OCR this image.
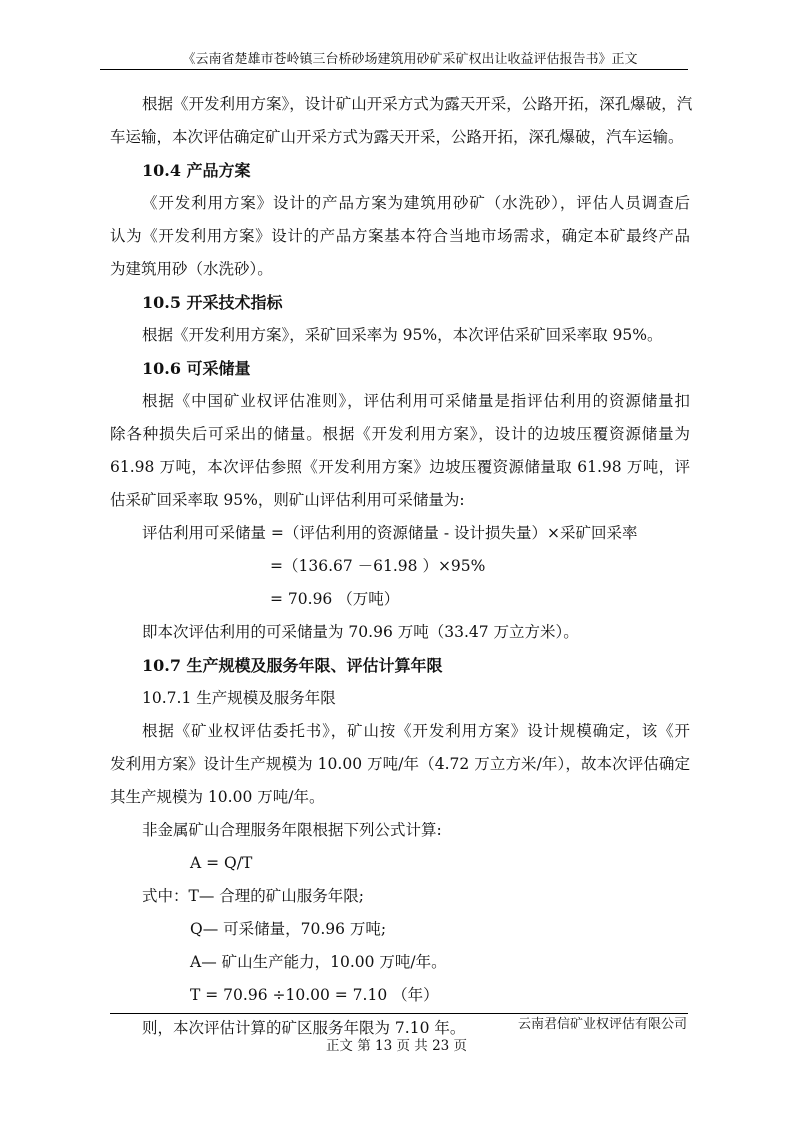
《云南省楚雄市苍岭镇三台桥砂场建筑用砂矿采矿权出让收益评估报告书》正文
根据《开发利用方案》，设计矿山开采方式为露天开采，公路开拓，深孔爆破，汽
车运输，本次评估确定矿山开采方式为露天开采，公路开拓，深孔爆破，汽车运输。
10.4 产品方案
《开发利用方案》设计的产品方案为建筑用砂矿（水洗砂），评估人员调查后
认为《开发利用方案》设计的产品方案基本符合当地市场需求，确定本矿最终产品
为建筑用砂（水洗砂）。
10.5 开采技术指标
根据《开发利用方案》，采矿回采率为 95%，本次评估采矿回采率取 95%。
10.6 可采储量
根据《中国矿业权评估准则》，评估利用可采储量是指评估利用的资源储量扣
除各种损失后可采出的储量。根据《开发利用方案》，设计的边坡压覆资源储量为
61.98 万吨，本次评估参照《开发利用方案》边坡压覆资源储量取 61.98 万吨，评
估采矿回采率取 95%，则矿山评估利用可采储量为:
评估利用可采储量 =（评估利用的资源储量 - 设计损失量）×采矿回采率
=（136.67 －61.98 ）×95%
= 70.96 （万吨）
即本次评估利用的可采储量为 70.96 万吨（33.47 万立方米）。
10.7 生产规模及服务年限、评估计算年限
10.7.1 生产规模及服务年限
根据《矿业权评估委托书》，矿山按《开发利用方案》设计规模确定，该《开
发利用方案》设计生产规模为 10.00 万吨/年（4.72 万立方米/年），故本次评估确定
其生产规模为 10.00 万吨/年。
非金属矿山合理服务年限根据下列公式计算:
A = Q/T
式中：T— 合理的矿山服务年限;
Q— 可采储量，70.96 万吨;
A— 矿山生产能力，10.00 万吨/年。
T = 70.96 ÷10.00 = 7.10 （年）
则，本次评估计算的矿区服务年限为 7.10 年。	云南君信矿业权评估有限公司
正文 第 13 页 共 23 页
